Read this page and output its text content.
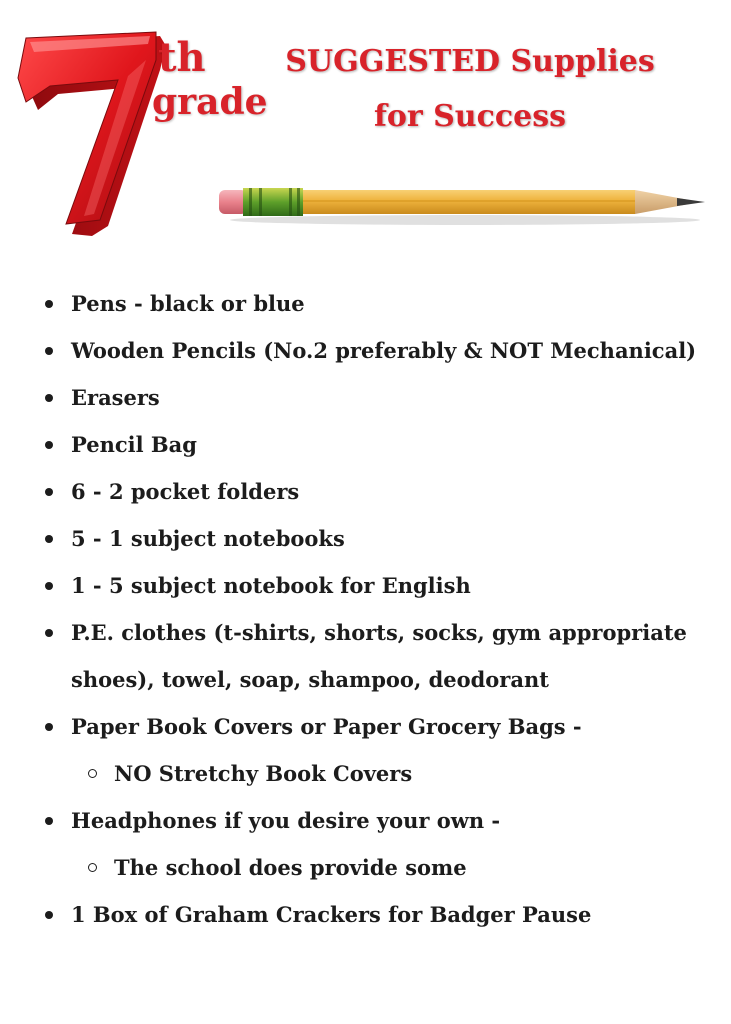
th
grade
SUGGESTED Supplies
for Success
Pens - black or blue
Wooden Pencils (No.2 preferably & NOT Mechanical)
Erasers
Pencil Bag
6 - 2 pocket folders
5 - 1 subject notebooks
1 - 5 subject notebook for English
P.E. clothes (t-shirts, shorts, socks, gym appropriate
shoes), towel, soap, shampoo, deodorant
Paper Book Covers or Paper Grocery Bags -
NO Stretchy Book Covers
Headphones if you desire your own -
The school does provide some
1 Box of Graham Crackers for Badger Pause
